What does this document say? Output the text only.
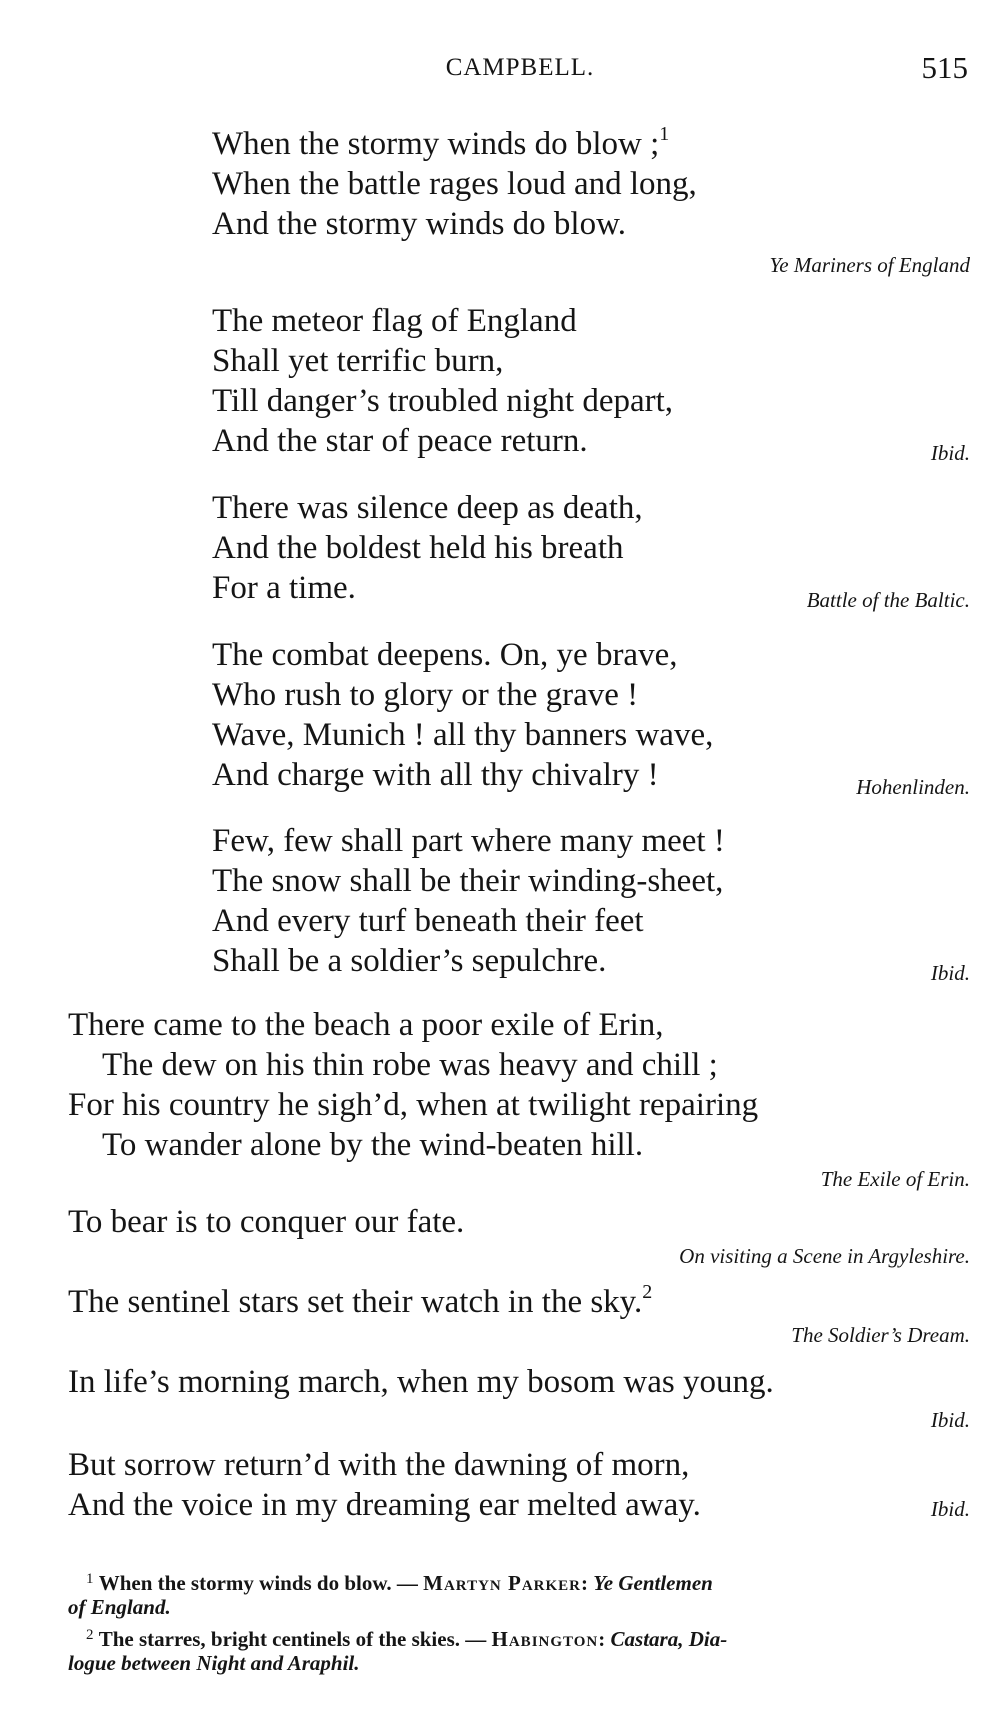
CAMPBELL.	515
When the stormy winds do blow ;$^1$
When the battle rages loud and long,
And the stormy winds do blow.
Ye Mariners of England
The meteor flag of England
Shall yet terrific burn,
Till danger’s troubled night depart,
And the star of peace return.	Ibid.
There was silence deep as death,
And the boldest held his breath
For a time.	Battle of the Baltic.
The combat deepens. On, ye brave,
Who rush to glory or the grave !
Wave, Munich ! all thy banners wave,
And charge with all thy chivalry !	Hohenlinden.
Few, few shall part where many meet !
The snow shall be their winding-sheet,
And every turf beneath their feet
Shall be a soldier’s sepulchre.	Ibid.
There came to the beach a poor exile of Erin,
The dew on his thin robe was heavy and chill ;
For his country he sigh’d, when at twilight repairing
To wander alone by the wind-beaten hill.
The Exile of Erin.
To bear is to conquer our fate.
On visiting a Scene in Argyleshire.
The sentinel stars set their watch in the sky.$^2$
The Soldier’s Dream.
In life’s morning march, when my bosom was young.
Ibid.
But sorrow return’d with the dawning of morn,
And the voice in my dreaming ear melted away.	Ibid.
$^1$ When the stormy winds do blow. — Martyn Parker: Ye Gentlemen
of England.
$^2$ The starres, bright centinels of the skies. — Habington: Castara, Dia-
logue between Night and Araphil.
